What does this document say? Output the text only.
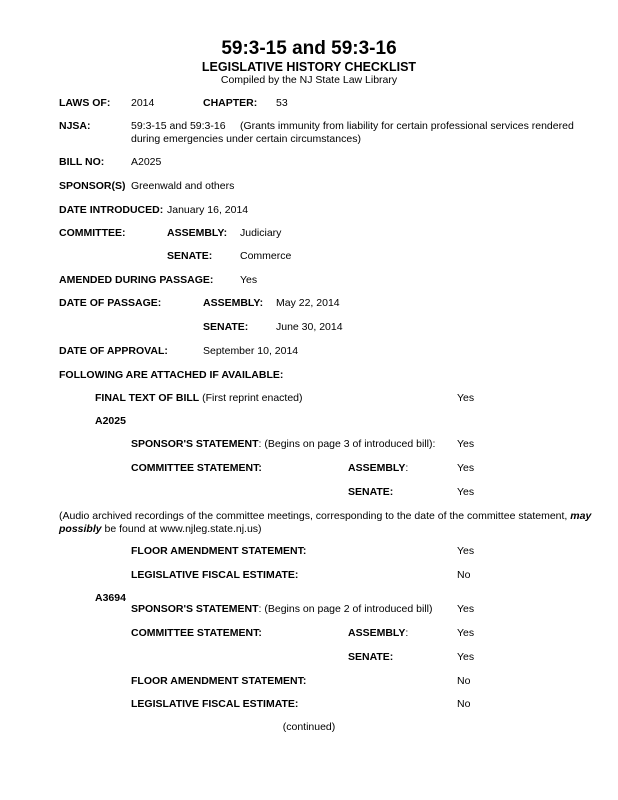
59:3-15 and 59:3-16
LEGISLATIVE HISTORY CHECKLIST
Compiled by the NJ State Law Library
LAWS OF: 2014	CHAPTER: 53
NJSA:	59:3-15 and 59:3-16	(Grants immunity from liability for certain professional services rendered during emergencies under certain circumstances)
BILL NO:	A2025
SPONSOR(S) Greenwald and others
DATE INTRODUCED: January 16, 2014
COMMITTEE:	ASSEMBLY: Judiciary
SENATE:	Commerce
AMENDED DURING PASSAGE:	Yes
DATE OF PASSAGE:	ASSEMBLY: May 22, 2014
SENATE:	June 30, 2014
DATE OF APPROVAL:	September 10, 2014
FOLLOWING ARE ATTACHED IF AVAILABLE:
FINAL TEXT OF BILL (First reprint enacted)	Yes
A2025
SPONSOR'S STATEMENT: (Begins on page 3 of introduced bill): Yes
COMMITTEE STATEMENT:	ASSEMBLY:	Yes
SENATE:	Yes
(Audio archived recordings of the committee meetings, corresponding to the date of the committee statement, may possibly be found at www.njleg.state.nj.us)
FLOOR AMENDMENT STATEMENT:	Yes
LEGISLATIVE FISCAL ESTIMATE:	No
A3694
SPONSOR'S STATEMENT: (Begins on page 2 of introduced bill) Yes
COMMITTEE STATEMENT:	ASSEMBLY:	Yes
SENATE:	Yes
FLOOR AMENDMENT STATEMENT:	No
LEGISLATIVE FISCAL ESTIMATE:	No
(continued)
